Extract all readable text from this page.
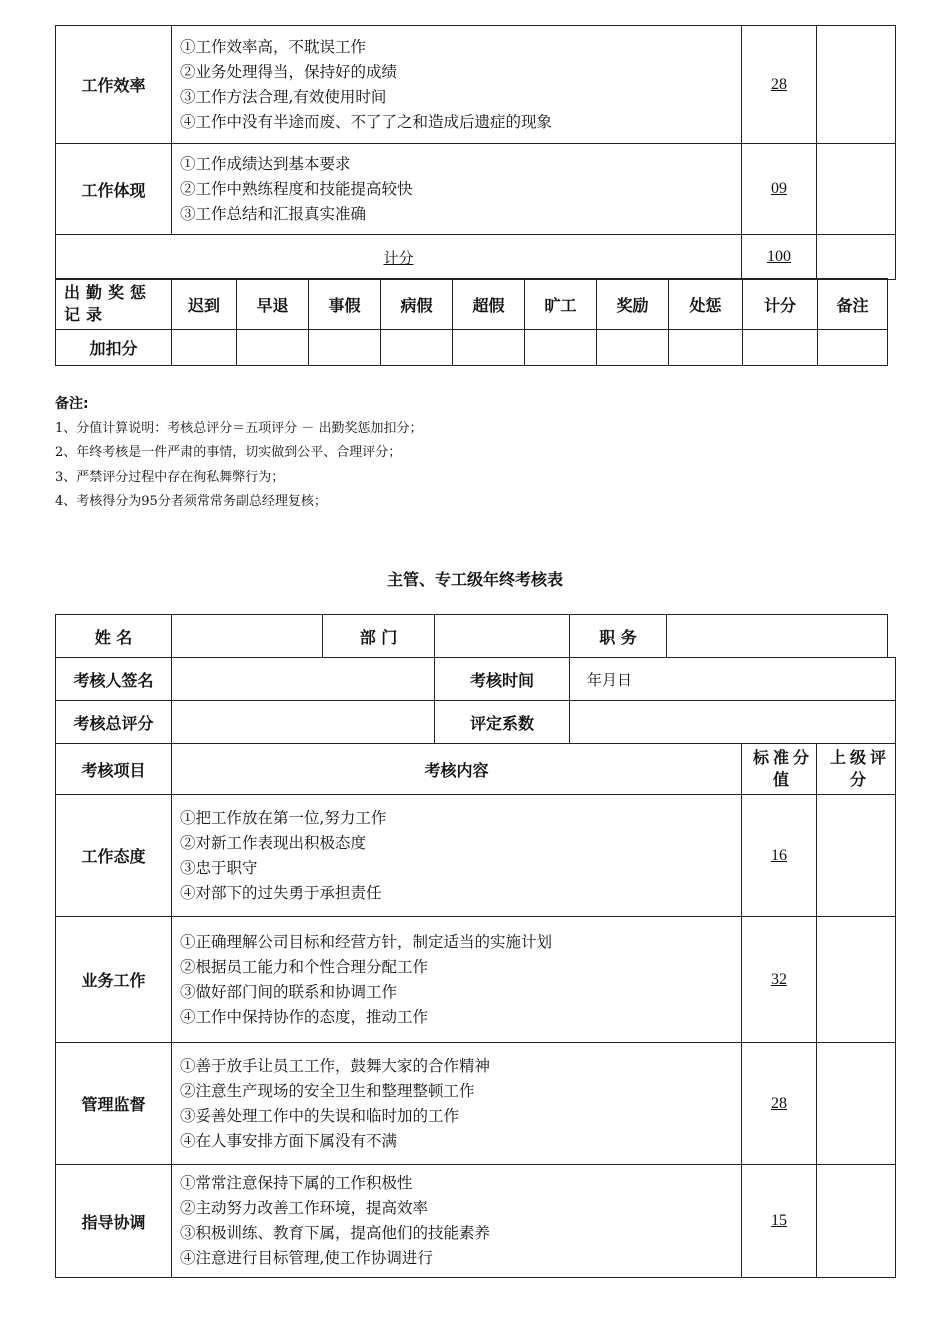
工作效率	①工作效率高，不耽误工作
②业务处理得当，保持好的成绩
③工作方法合理,有效使用时间
④工作中没有半途而废、不了了之和造成后遗症的现象	28	
工作体现	①工作成绩达到基本要求
②工作中熟练程度和技能提高较快
③工作总结和汇报真实准确	09	
计分		100	
出勤奖惩记录	迟到	早退	事假	病假	超假	旷工	奖励	处惩	计分	备注
加扣分										
备注:
1、分值计算说明：考核总评分＝五项评分 － 出勤奖惩加扣分；
2、年终考核是一件严肃的事情，切实做到公平、合理评分；
3、严禁评分过程中存在徇私舞弊行为；
4、考核得分为95分者须常常务副总经理复核；
主管、专工级年终考核表
姓 名		部 门		职 务	
考核人签名		考核时间	年月日
考核总评分		评定系数	
考核项目	考核内容	标准分值	上级评分
工作态度	①把工作放在第一位,努力工作
②对新工作表现出积极态度
③忠于职守
④对部下的过失勇于承担责任	16	
业务工作	①正确理解公司目标和经营方针，制定适当的实施计划
②根据员工能力和个性合理分配工作
③做好部门间的联系和协调工作
④工作中保持协作的态度，推动工作	32	
管理监督	①善于放手让员工工作，鼓舞大家的合作精神
②注意生产现场的安全卫生和整理整顿工作
③妥善处理工作中的失误和临时加的工作
④在人事安排方面下属没有不满	28	
指导协调	①常常注意保持下属的工作积极性
②主动努力改善工作环境，提高效率
③积极训练、教育下属，提高他们的技能素养
④注意进行目标管理,使工作协调进行	15	
